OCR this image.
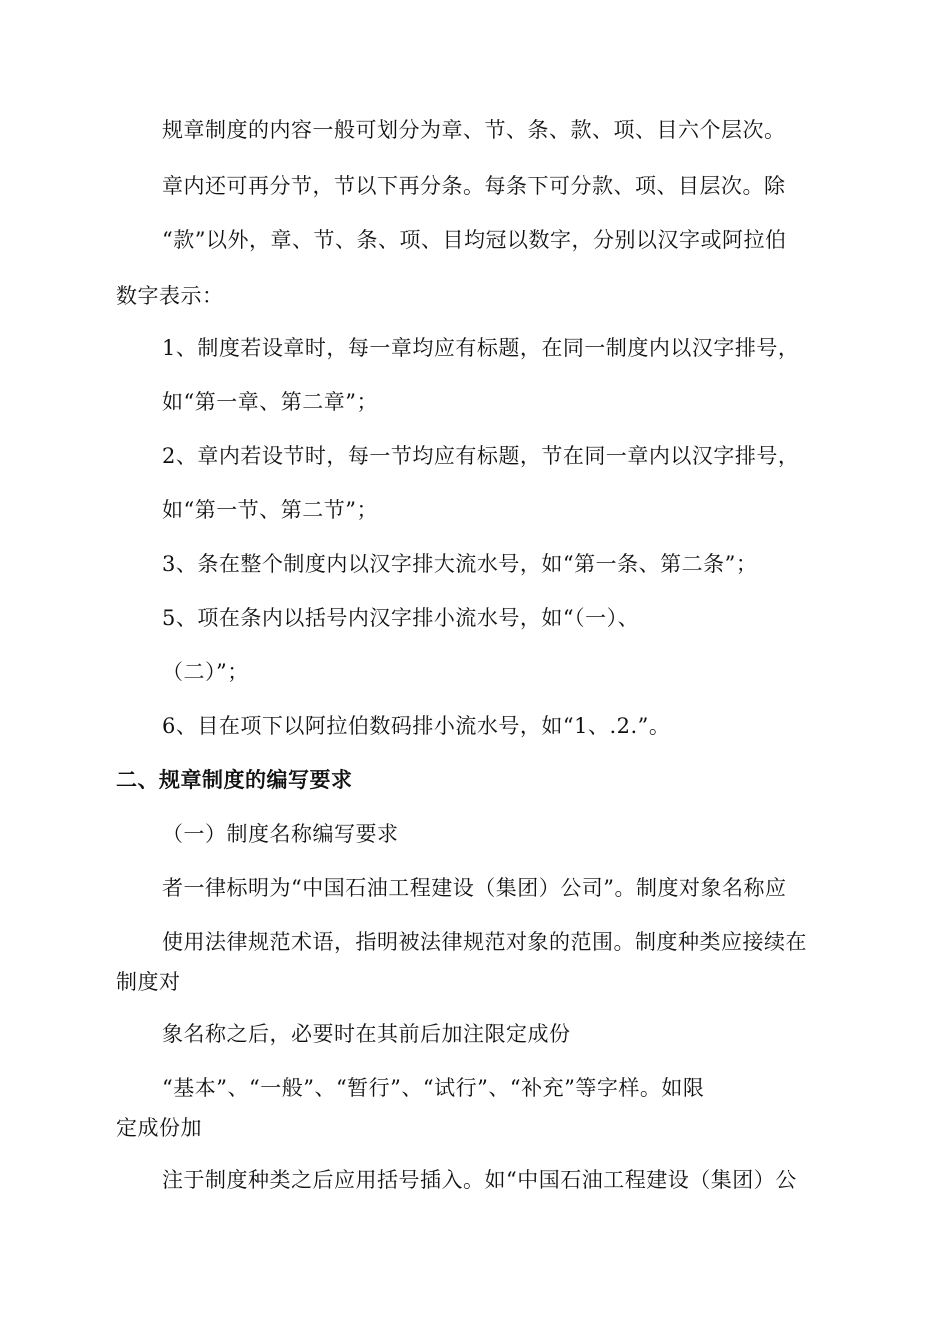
规章制度的内容一般可划分为章、节、条、款、项、目六个层次。
章内还可再分节，节以下再分条。每条下可分款、项、目层次。除
“款”以外，章、节、条、项、目均冠以数字，分别以汉字或阿拉伯
数字表示：
1、制度若设章时，每一章均应有标题，在同一制度内以汉字排号，
如“第一章、第二章”；
2、章内若设节时，每一节均应有标题，节在同一章内以汉字排号，
如“第一节、第二节”；
3、条在整个制度内以汉字排大流水号，如“第一条、第二条”；
5、项在条内以括号内汉字排小流水号，如“（一）、
（二）”；
6、目在项下以阿拉伯数码排小流水号，如“1、.2.”。
二、规章制度的编写要求
（一）制度名称编写要求
者一律标明为“中国石油工程建设（集团）公司”。制度对象名称应
使用法律规范术语，指明被法律规范对象的范围。制度种类应接续在
制度对
象名称之后，必要时在其前后加注限定成份
“基本”、“一般”、“暂行”、“试行”、“补充”等字样。如限
定成份加
注于制度种类之后应用括号插入。如“中国石油工程建设（集团）公
